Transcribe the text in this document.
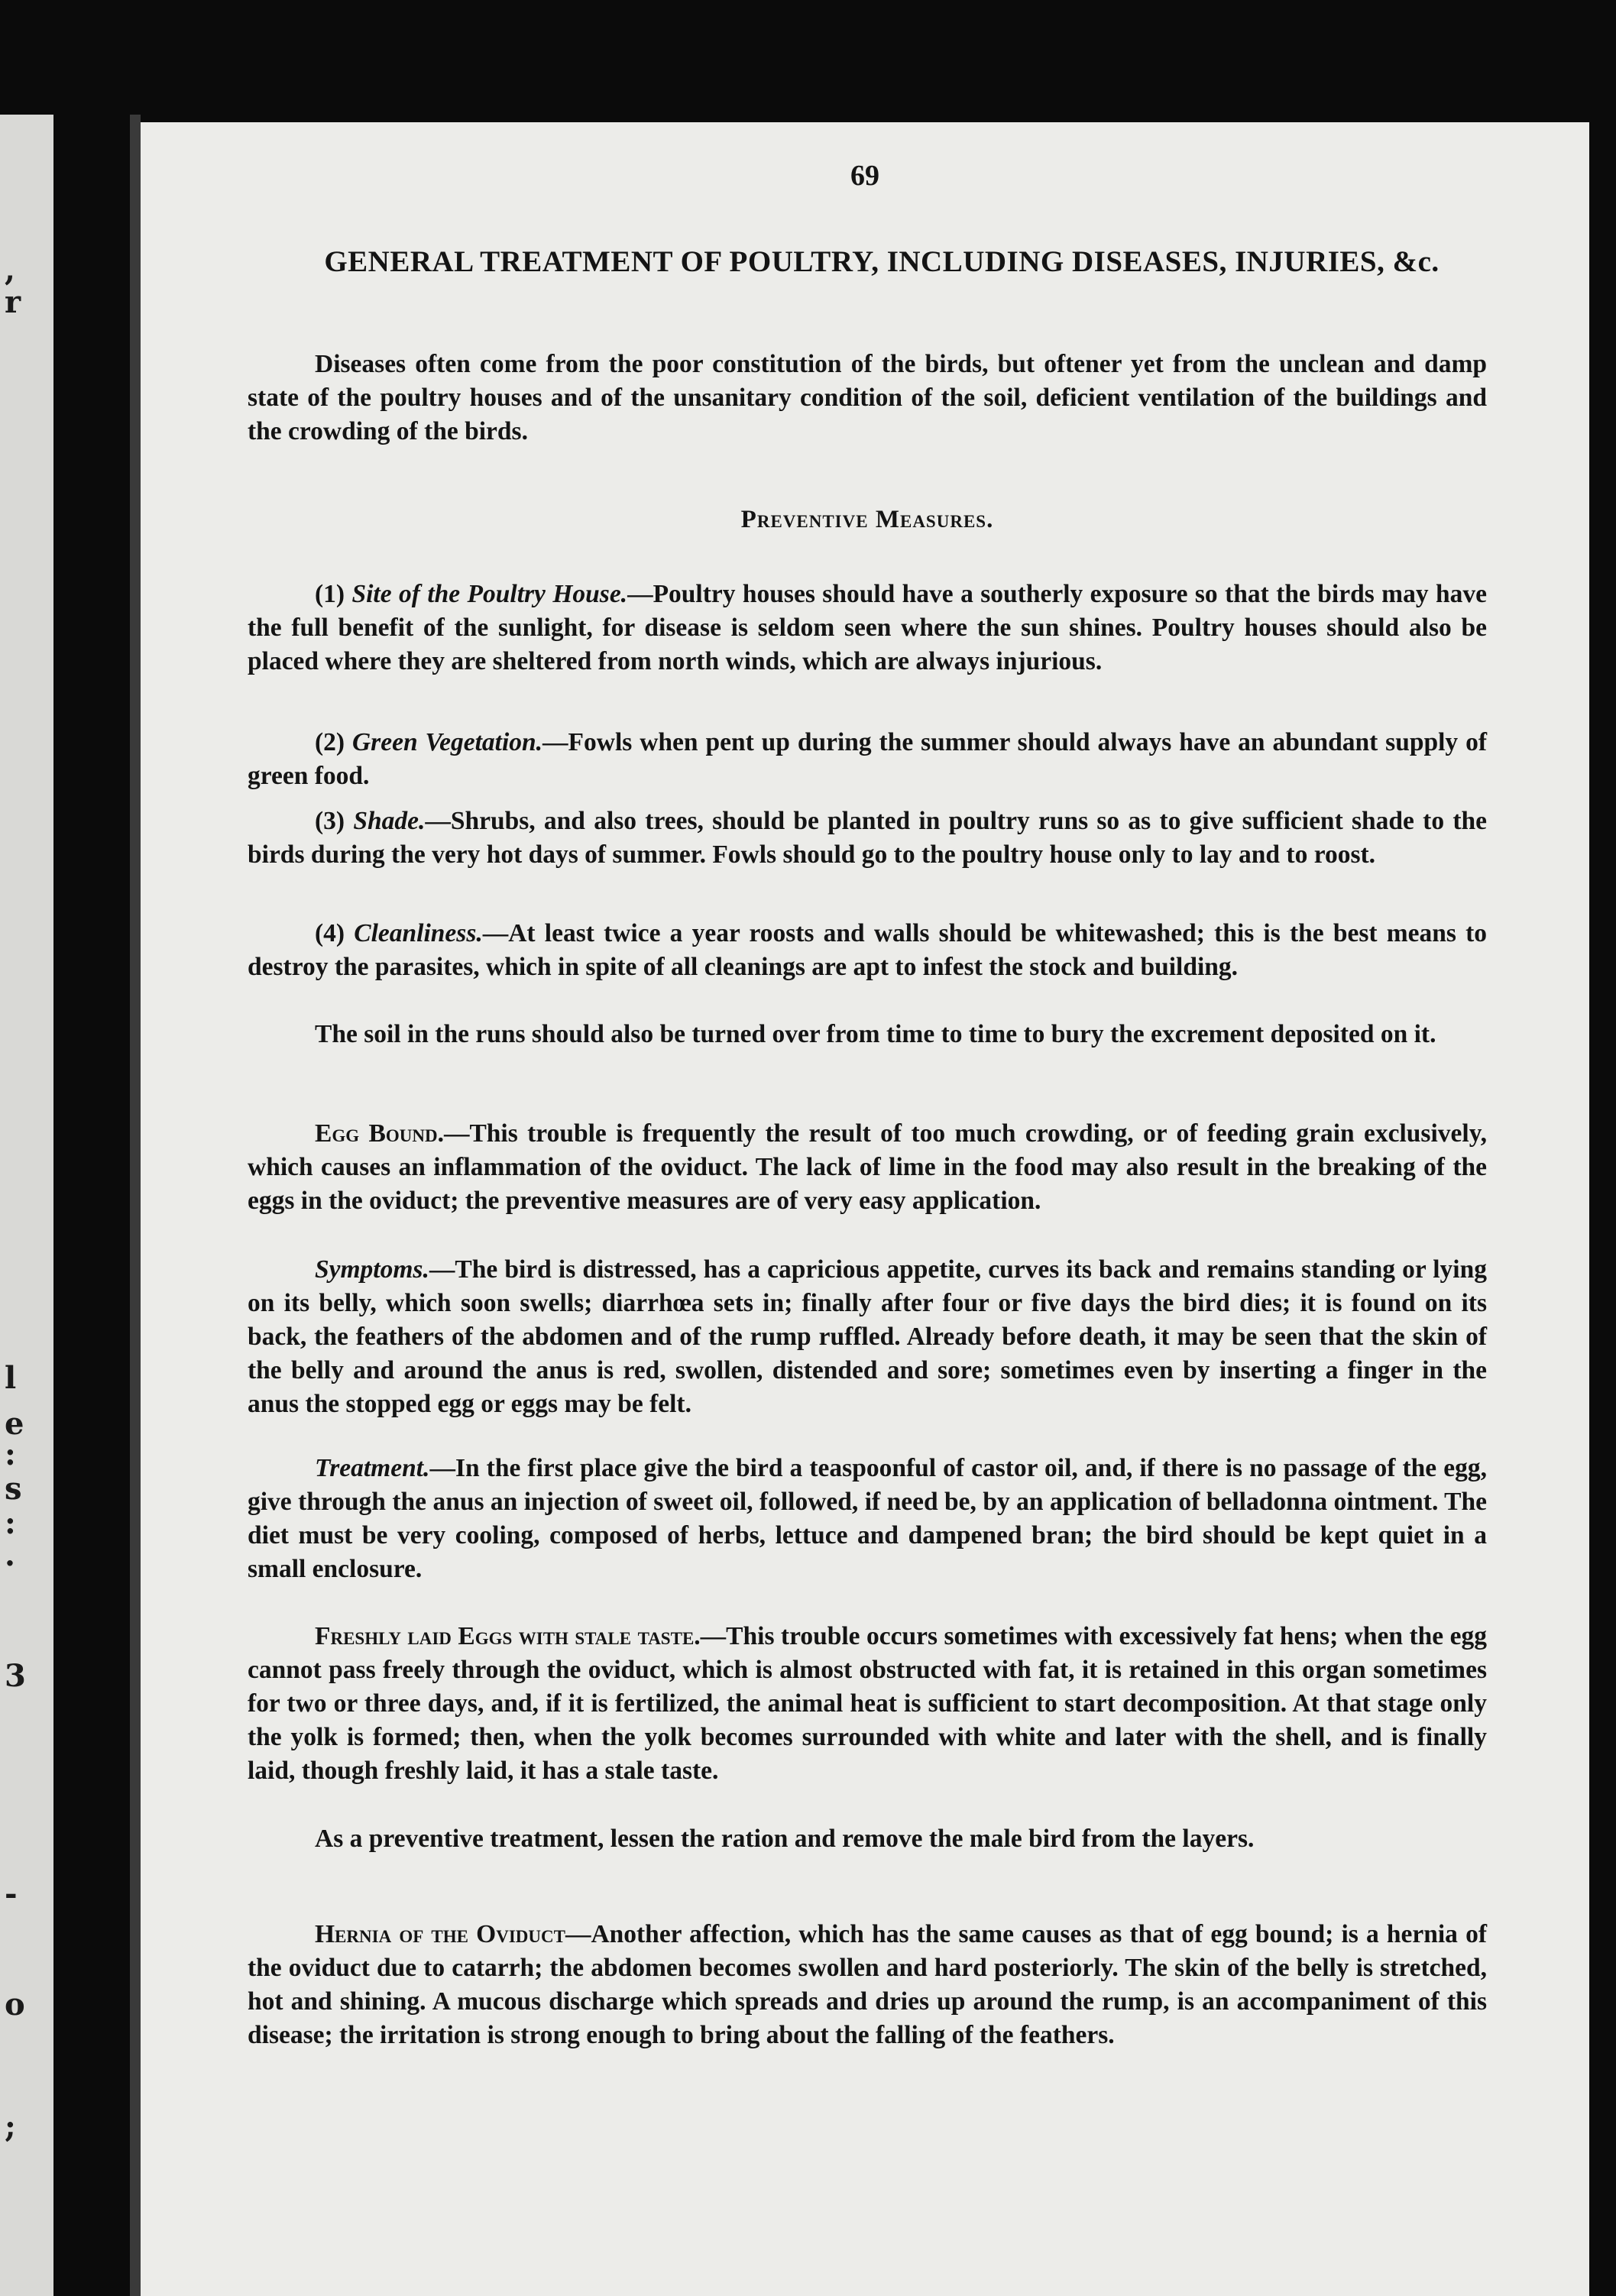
,
r
l
e
:
s
:
.
3
-
o
;
69
GENERAL TREATMENT OF POULTRY, INCLUDING DISEASES, INJURIES, &c.

Diseases often come from the poor constitution of the birds, but oftener yet from the unclean and damp state of the poultry houses and of the unsanitary condition of the soil, deficient ventilation of the buildings and the crowding of the birds.

Preventive Measures.

(1) Site of the Poultry House.—Poultry houses should have a southerly exposure so that the birds may have the full benefit of the sunlight, for disease is seldom seen where the sun shines. Poultry houses should also be placed where they are sheltered from north winds, which are always injurious.

(2) Green Vegetation.—Fowls when pent up during the summer should always have an abundant supply of green food.

(3) Shade.—Shrubs, and also trees, should be planted in poultry runs so as to give sufficient shade to the birds during the very hot days of summer. Fowls should go to the poultry house only to lay and to roost.

(4) Cleanliness.—At least twice a year roosts and walls should be whitewashed; this is the best means to destroy the parasites, which in spite of all cleanings are apt to infest the stock and building.

The soil in the runs should also be turned over from time to time to bury the excrement deposited on it.

Egg Bound.—This trouble is frequently the result of too much crowding, or of feeding grain exclusively, which causes an inflammation of the oviduct. The lack of lime in the food may also result in the breaking of the eggs in the oviduct; the preventive measures are of very easy application.

Symptoms.—The bird is distressed, has a capricious appetite, curves its back and remains standing or lying on its belly, which soon swells; diarrhœa sets in; finally after four or five days the bird dies; it is found on its back, the feathers of the abdomen and of the rump ruffled. Already before death, it may be seen that the skin of the belly and around the anus is red, swollen, distended and sore; sometimes even by inserting a finger in the anus the stopped egg or eggs may be felt.

Treatment.—In the first place give the bird a teaspoonful of castor oil, and, if there is no passage of the egg, give through the anus an injection of sweet oil, followed, if need be, by an application of belladonna ointment. The diet must be very cooling, composed of herbs, lettuce and dampened bran; the bird should be kept quiet in a small enclosure.

Freshly laid Eggs with stale taste.—This trouble occurs sometimes with excessively fat hens; when the egg cannot pass freely through the oviduct, which is almost obstructed with fat, it is retained in this organ sometimes for two or three days, and, if it is fertilized, the animal heat is sufficient to start decomposition. At that stage only the yolk is formed; then, when the yolk becomes surrounded with white and later with the shell, and is finally laid, though freshly laid, it has a stale taste.

As a preventive treatment, lessen the ration and remove the male bird from the layers.

Hernia of the Oviduct—Another affection, which has the same causes as that of egg bound; is a hernia of the oviduct due to catarrh; the abdomen becomes swollen and hard posteriorly. The skin of the belly is stretched, hot and shining. A mucous discharge which spreads and dries up around the rump, is an accompaniment of this disease; the irritation is strong enough to bring about the falling of the feathers.
